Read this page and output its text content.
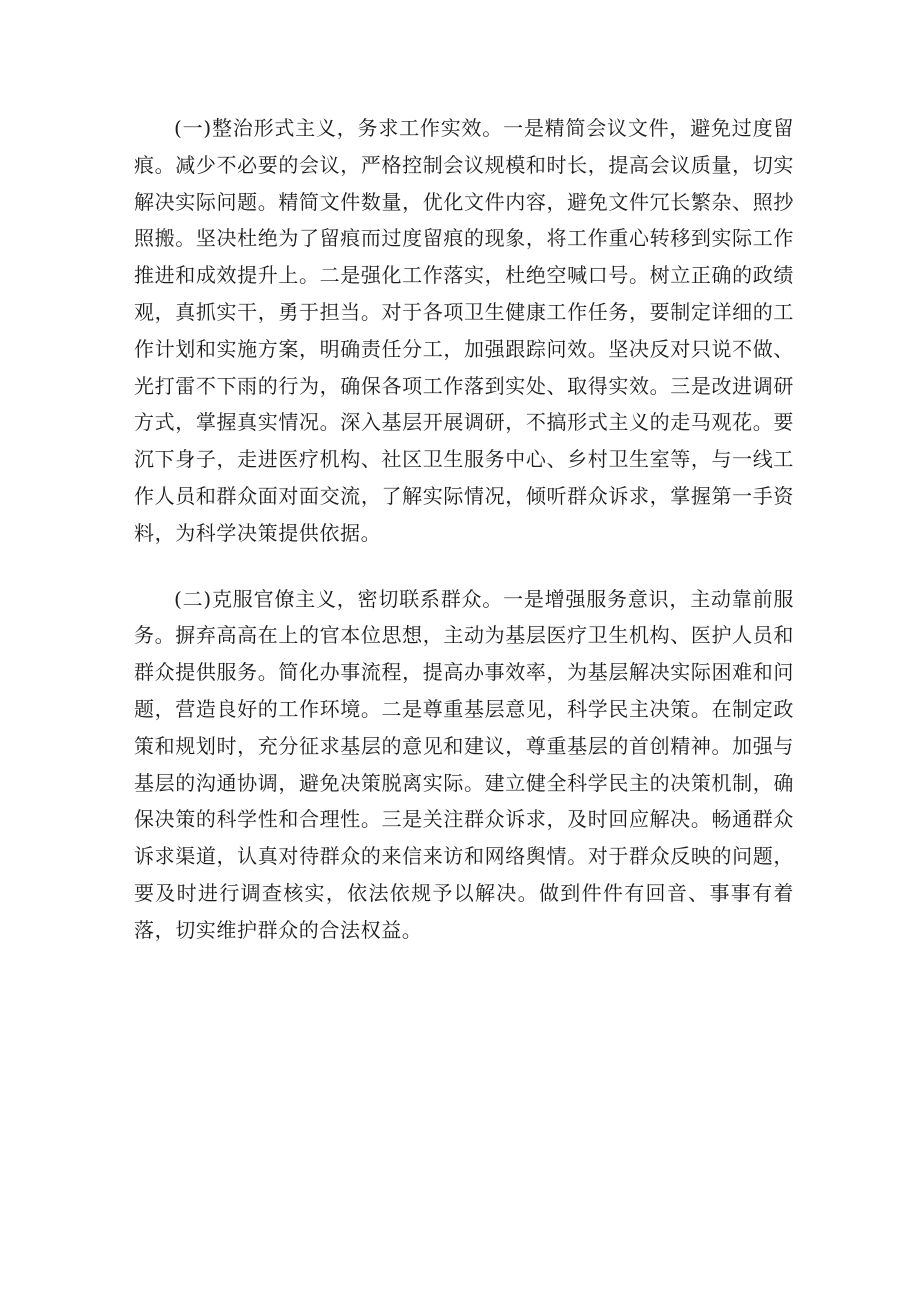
(一)整治形式主义，务求工作实效。一是精简会议文件，避免过度留痕。减少不必要的会议，严格控制会议规模和时长，提高会议质量，切实解决实际问题。精简文件数量，优化文件内容，避免文件冗长繁杂、照抄照搬。坚决杜绝为了留痕而过度留痕的现象，将工作重心转移到实际工作推进和成效提升上。二是强化工作落实，杜绝空喊口号。树立正确的政绩观，真抓实干，勇于担当。对于各项卫生健康工作任务，要制定详细的工作计划和实施方案，明确责任分工，加强跟踪问效。坚决反对只说不做、光打雷不下雨的行为，确保各项工作落到实处、取得实效。三是改进调研方式，掌握真实情况。深入基层开展调研，不搞形式主义的走马观花。要沉下身子，走进医疗机构、社区卫生服务中心、乡村卫生室等，与一线工作人员和群众面对面交流，了解实际情况，倾听群众诉求，掌握第一手资料，为科学决策提供依据。

(二)克服官僚主义，密切联系群众。一是增强服务意识，主动靠前服务。摒弃高高在上的官本位思想，主动为基层医疗卫生机构、医护人员和群众提供服务。简化办事流程，提高办事效率，为基层解决实际困难和问题，营造良好的工作环境。二是尊重基层意见，科学民主决策。在制定政策和规划时，充分征求基层的意见和建议，尊重基层的首创精神。加强与基层的沟通协调，避免决策脱离实际。建立健全科学民主的决策机制，确保决策的科学性和合理性。三是关注群众诉求，及时回应解决。畅通群众诉求渠道，认真对待群众的来信来访和网络舆情。对于群众反映的问题，要及时进行调查核实，依法依规予以解决。做到件件有回音、事事有着落，切实维护群众的合法权益。
